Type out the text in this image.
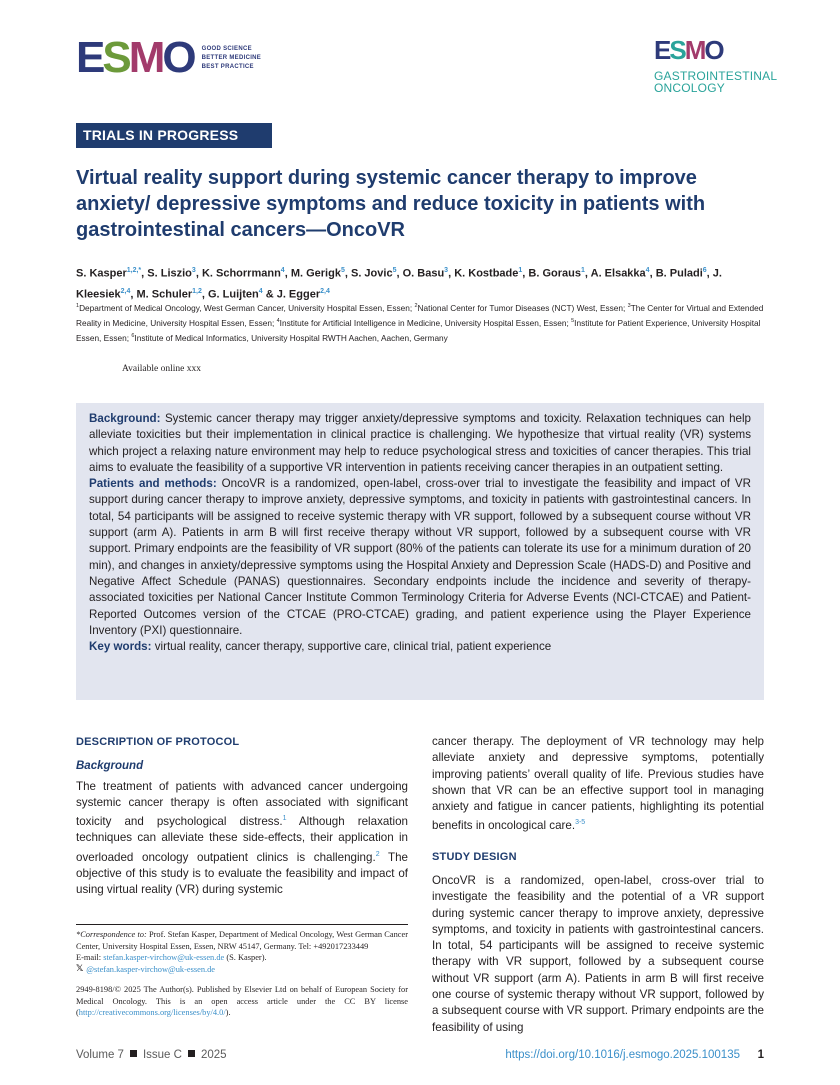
E S M O GOOD SCIENCE
BETTER MEDICINE
BEST PRACTICE
E S M O
GASTROINTESTINAL
ONCOLOGY
TRIALS IN PROGRESS
Virtual reality support during systemic cancer therapy to improve anxiety/ depressive symptoms and reduce toxicity in patients with gastrointestinal cancers—OncoVR
S. Kasper$^{1,2,*}$, S. Liszio$^3$, K. Schorrmann$^4$, M. Gerigk$^5$, S. Jovic$^5$, O. Basu$^3$, K. Kostbade$^1$, B. Goraus$^1$, A. Elsakka$^4$, B. Puladi$^6$, J. Kleesiek$^{2,4}$, M. Schuler$^{1,2}$, G. Luijten$^4$ & J. Egger$^{2,4}$
$^1$Department of Medical Oncology, West German Cancer, University Hospital Essen, Essen; $^2$National Center for Tumor Diseases (NCT) West, Essen; $^3$The Center for Virtual and Extended Reality in Medicine, University Hospital Essen, Essen; $^4$Institute for Artificial Intelligence in Medicine, University Hospital Essen, Essen; $^5$Institute for Patient Experience, University Hospital Essen, Essen; $^6$Institute of Medical Informatics, University Hospital RWTH Aachen, Aachen, Germany
Available online xxx

Background: Systemic cancer therapy may trigger anxiety/depressive symptoms and toxicity. Relaxation techniques can help alleviate toxicities but their implementation in clinical practice is challenging. We hypothesize that virtual reality (VR) systems which project a relaxing nature environment may help to reduce psychological stress and toxicities of cancer therapies. This trial aims to evaluate the feasibility of a supportive VR intervention in patients receiving cancer therapies in an outpatient setting.

Patients and methods: OncoVR is a randomized, open-label, cross-over trial to investigate the feasibility and impact of VR support during cancer therapy to improve anxiety, depressive symptoms, and toxicity in patients with gastrointestinal cancers. In total, 54 participants will be assigned to receive systemic therapy with VR support, followed by a subsequent course without VR support (arm A). Patients in arm B will first receive therapy without VR support, followed by a subsequent course with VR support. Primary endpoints are the feasibility of VR support (80% of the patients can tolerate its use for a minimum duration of 20 min), and changes in anxiety/depressive symptoms using the Hospital Anxiety and Depression Scale (HADS-D) and Positive and Negative Affect Schedule (PANAS) questionnaires. Secondary endpoints include the incidence and severity of therapy-associated toxicities per National Cancer Institute Common Terminology Criteria for Adverse Events (NCI-CTCAE) and Patient-Reported Outcomes version of the CTCAE (PRO-CTCAE) grading, and patient experience using the Player Experience Inventory (PXI) questionnaire.

Key words: virtual reality, cancer therapy, supportive care, clinical trial, patient experience

DESCRIPTION OF PROTOCOL
Background

The treatment of patients with advanced cancer undergoing systemic cancer therapy is often associated with significant toxicity and psychological distress.$^1$ Although relaxation techniques can alleviate these side-effects, their application in overloaded oncology outpatient clinics is challenging.$^2$ The objective of this study is to evaluate the feasibility and impact of using virtual reality (VR) during systemic

cancer therapy. The deployment of VR technology may help alleviate anxiety and depressive symptoms, potentially improving patients’ overall quality of life. Previous studies have shown that VR can be an effective support tool in managing anxiety and fatigue in cancer patients, highlighting its potential benefits in oncological care.$^{3-5}$

STUDY DESIGN

OncoVR is a randomized, open-label, cross-over trial to investigate the feasibility and the potential of a VR support during systemic cancer therapy to improve anxiety, depressive symptoms, and toxicity in patients with gastrointestinal cancers. In total, 54 participants will be assigned to receive systemic therapy with VR support, followed by a subsequent course without VR support (arm A). Patients in arm B will first receive one course of systemic therapy without VR support, followed by a subsequent course with VR support. Primary endpoints are the feasibility of using

*Correspondence to: Prof. Stefan Kasper, Department of Medical Oncology, West German Cancer Center, University Hospital Essen, Essen, NRW 45147, Germany. Tel: +492017233449

E-mail: stefan.kasper-virchow@uk-essen.de (S. Kasper).

𝕏 @stefan.kasper-virchow@uk-essen.de

2949-8198/© 2025 The Author(s). Published by Elsevier Ltd on behalf of European Society for Medical Oncology. This is an open access article under the CC BY license (http://creativecommons.org/licenses/by/4.0/).

Volume 7 Issue C 2025	https://doi.org/10.1016/j.esmogo.2025.100135 1
